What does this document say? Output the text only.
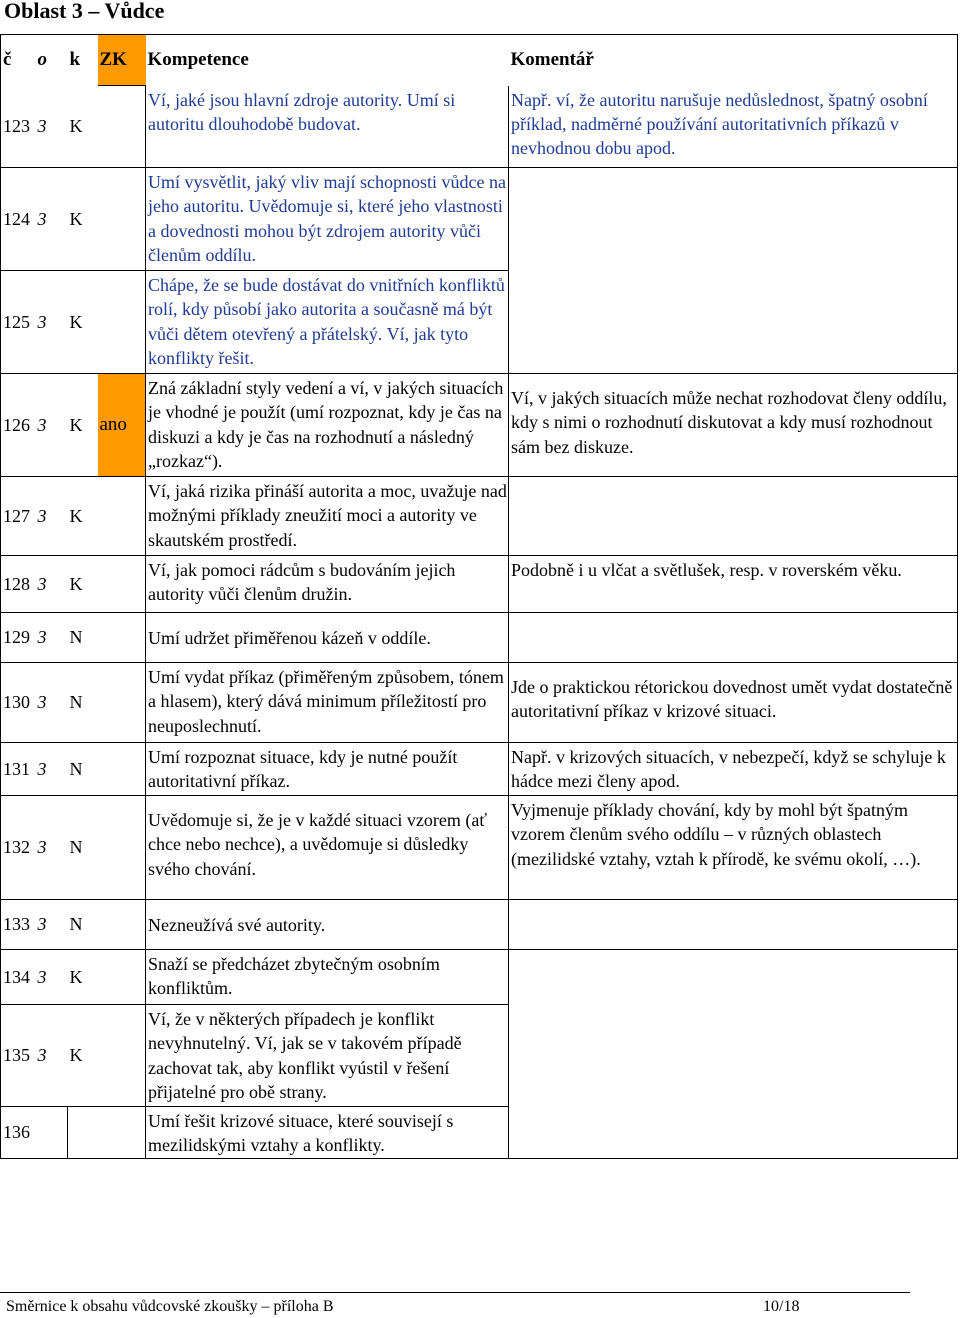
Oblast 3 – Vůdce
č	o	k	ZK	Kompetence	Komentář
123	3	K		Ví, jaké jsou hlavní zdroje autority. Umí si autoritu dlouhodobě budovat.	Např. ví, že autoritu narušuje nedůslednost, špatný osobní příklad, nadměrné používání autoritativních příkazů v nevhodnou dobu apod.
124	3	K		Umí vysvětlit, jaký vliv mají schopnosti vůdce na jeho autoritu. Uvědomuje si, které jeho vlastnosti a dovednosti mohou být zdrojem autority vůči členům oddílu.	
125	3	K		Chápe, že se bude dostávat do vnitřních konfliktů rolí, kdy působí jako autorita a současně má být vůči dětem otevřený a přátelský. Ví, jak tyto konflikty řešit.	
126	3	K	ano	Zná základní styly vedení a ví, v jakých situacích je vhodné je použít (umí rozpoznat, kdy je čas na diskuzi a kdy je čas na rozhodnutí a následný „rozkaz“).	Ví, v jakých situacích může nechat rozhodovat členy oddílu, kdy s nimi o rozhodnutí diskutovat a kdy musí rozhodnout sám bez diskuze.
127	3	K		Ví, jaká rizika přináší autorita a moc, uvažuje nad možnými příklady zneužití moci a autority ve skautském prostředí.	
128	3	K		Ví, jak pomoci rádcům s budováním jejich autority vůči členům družin.	Podobně i u vlčat a světlušek, resp. v roverském věku.
129	3	N		Umí udržet přiměřenou kázeň v oddíle.	
130	3	N		Umí vydat příkaz (přiměřeným způsobem, tónem a hlasem), který dává minimum příležitostí pro neuposlechnutí.	Jde o praktickou rétorickou dovednost umět vydat dostatečně autoritativní příkaz v krizové situaci.
131	3	N		Umí rozpoznat situace, kdy je nutné použít autoritativní příkaz.	Např. v krizových situacích, v nebezpečí, když se schyluje k hádce mezi členy apod.
132	3	N		Uvědomuje si, že je v každé situaci vzorem (ať chce nebo nechce), a uvědomuje si důsledky svého chování.	Vyjmenuje příklady chování, kdy by mohl být špatným vzorem členům svého oddílu – v různých oblastech (mezilidské vztahy, vztah k přírodě, ke svému okolí, …).
133	3	N		Nezneužívá své autority.	
134	3	K		Snaží se předcházet zbytečným osobním konfliktům.	
135	3	K		Ví, že v některých případech je konflikt nevyhnutelný. Ví, jak se v takovém případě zachovat tak, aby konflikt vyústil v řešení přijatelné pro obě strany.	
136				Umí řešit krizové situace, které souvisejí s mezilidskými vztahy a konflikty.	
Směrnice k obsahu vůdcovské zkoušky – příloha B	10/18
